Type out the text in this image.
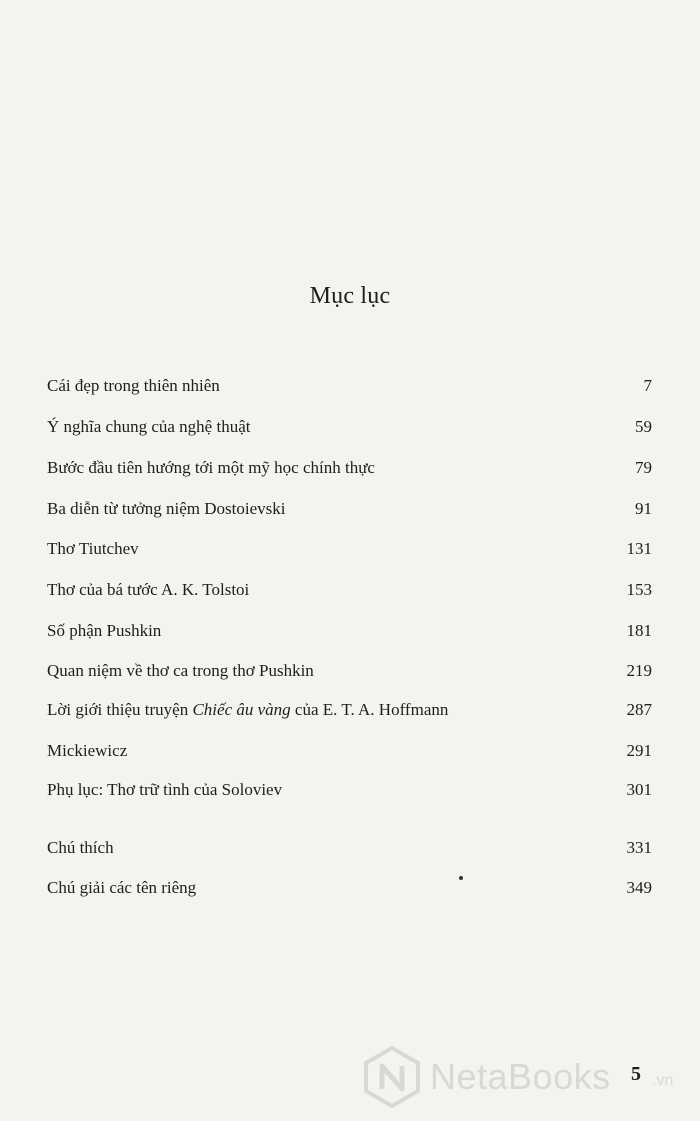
Mục lục
Cái đẹp trong thiên nhiên	7
Ý nghĩa chung của nghệ thuật	59
Bước đầu tiên hướng tới một mỹ học chính thực	79
Ba diễn từ tưởng niệm Dostoievski	91
Thơ Tiutchev	131
Thơ của bá tước A. K. Tolstoi	153
Số phận Pushkin	181
Quan niệm về thơ ca trong thơ Pushkin	219
Lời giới thiệu truyện Chiếc âu vàng của E. T. A. Hoffmann	287
Mickiewicz	291
Phụ lục: Thơ trữ tình của Soloviev	301
Chú thích	331
Chú giải các tên riêng	349
NetaBooks	.vn
5
